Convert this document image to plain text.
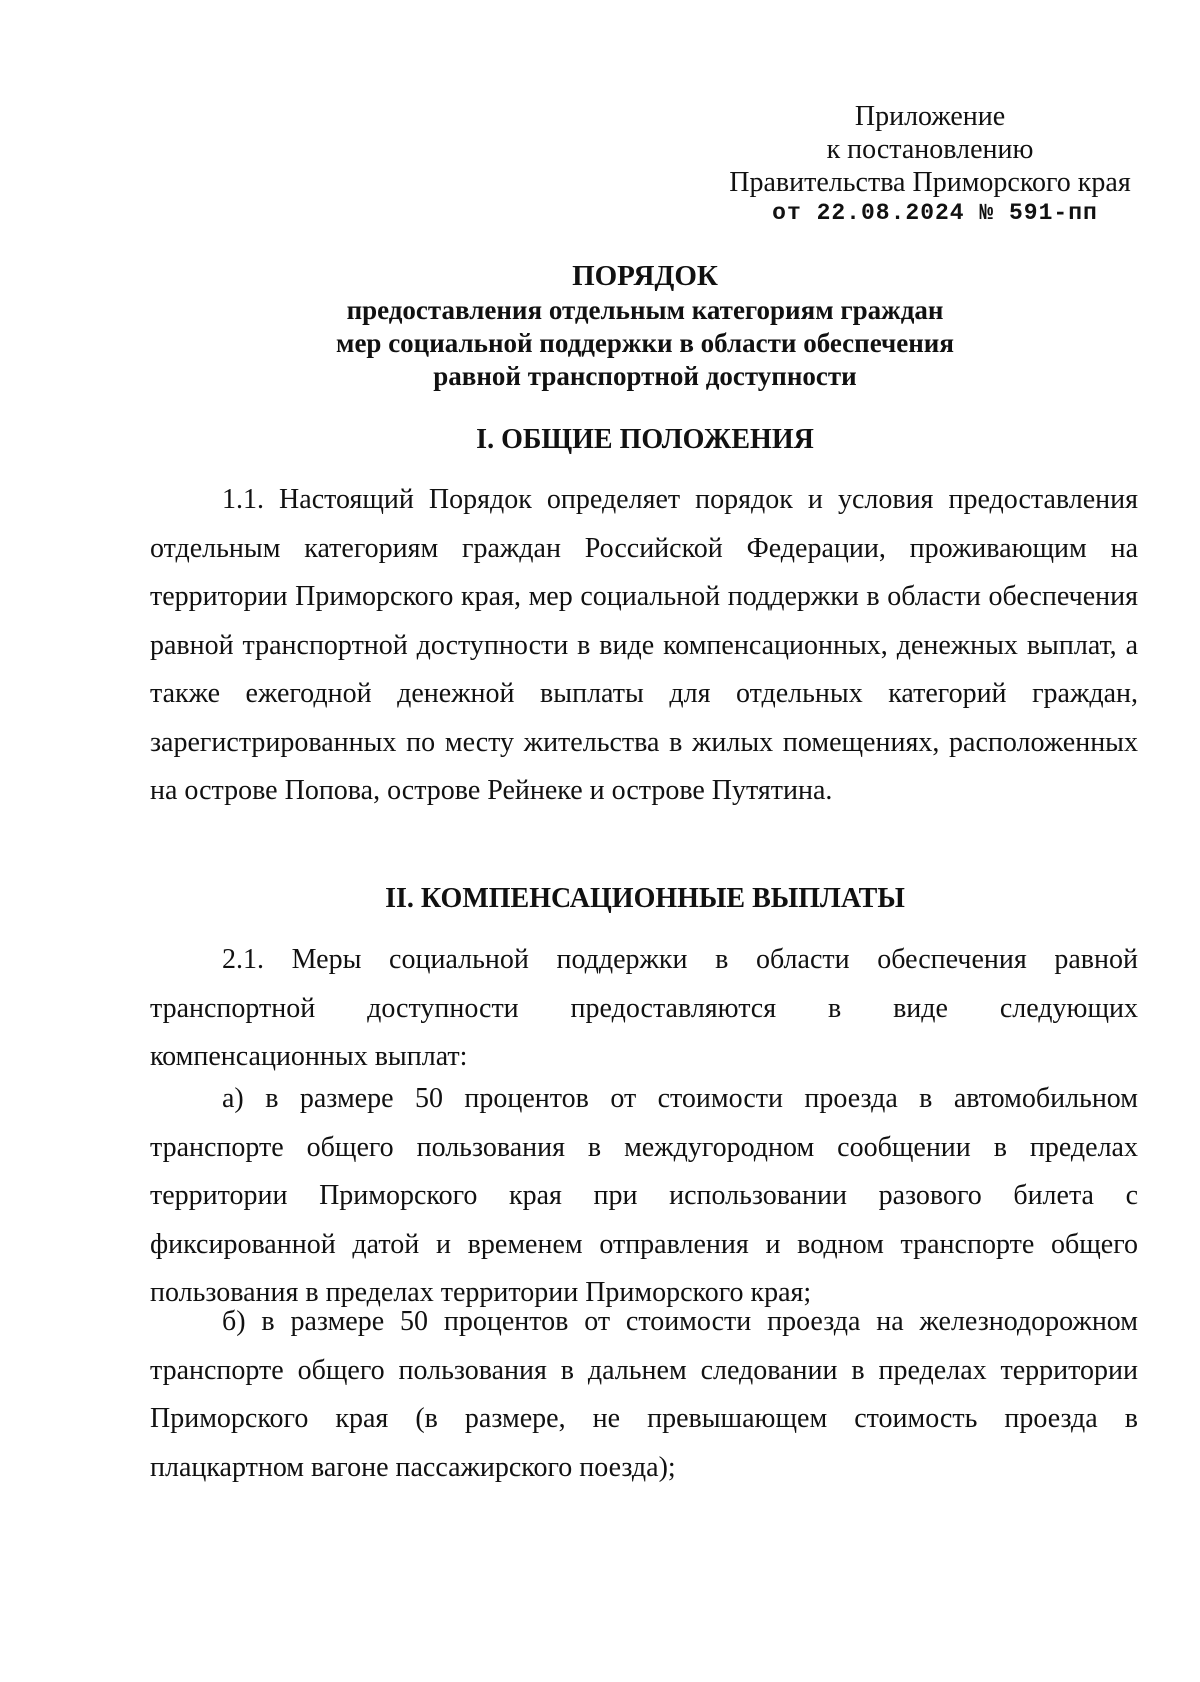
Приложение
к постановлению
Правительства Приморского края
от 22.08.2024 № 591-пп
ПОРЯДОК

предоставления отдельным категориям граждан
мер социальной поддержки в области обеспечения
равной транспортной доступности

I. ОБЩИЕ ПОЛОЖЕНИЯ

1.1. Настоящий Порядок определяет порядок и условия предоставления отдельным категориям граждан Российской Федерации, проживающим на территории Приморского края, мер социальной поддержки в области обеспечения равной транспортной доступности в виде компенсационных, денежных выплат, а также ежегодной денежной выплаты для отдельных категорий граждан, зарегистрированных по месту жительства в жилых помещениях, расположенных на острове Попова, острове Рейнеке и острове Путятина.

II. КОМПЕНСАЦИОННЫЕ ВЫПЛАТЫ

2.1. Меры социальной поддержки в области обеспечения равной транспортной доступности предоставляются в виде следующих компенсационных выплат:

а) в размере 50 процентов от стоимости проезда в автомобильном транспорте общего пользования в междугородном сообщении в пределах территории Приморского края при использовании разового билета с фиксированной датой и временем отправления и водном транспорте общего пользования в пределах территории Приморского края;

б) в размере 50 процентов от стоимости проезда на железнодорожном транспорте общего пользования в дальнем следовании в пределах территории Приморского края (в размере, не превышающем стоимость проезда в плацкартном вагоне пассажирского поезда);
